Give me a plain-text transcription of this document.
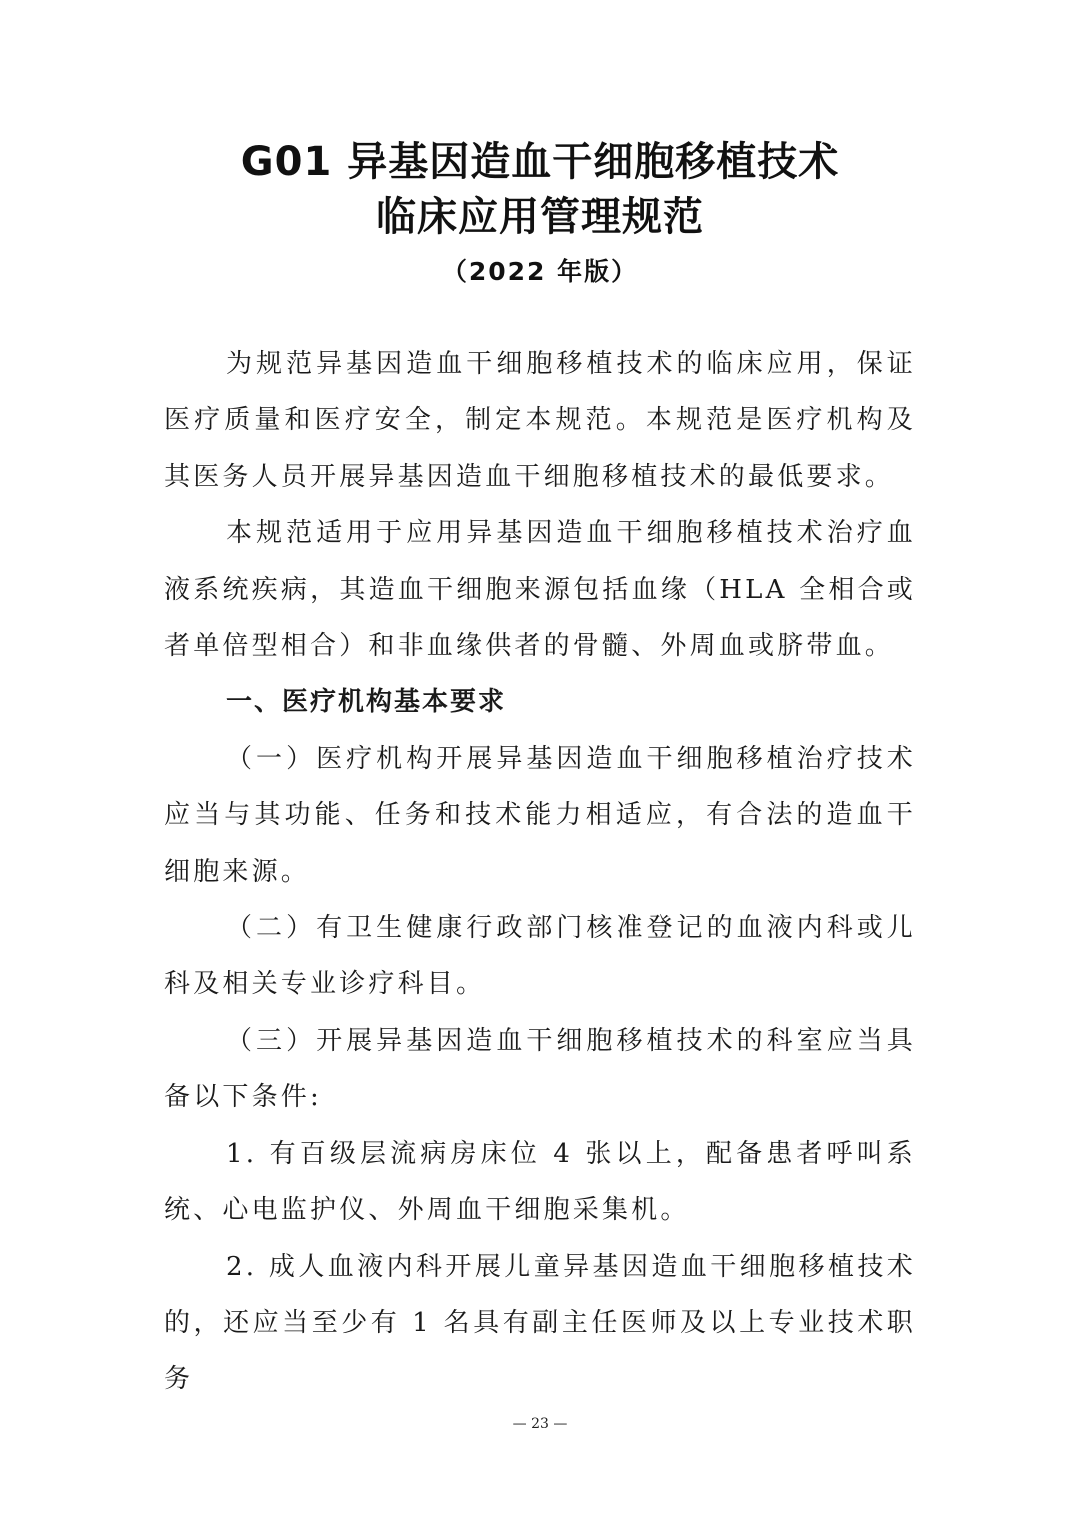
G01 异基因造血干细胞移植技术
临床应用管理规范
（2022 年版）

为规范异基因造血干细胞移植技术的临床应用，保证医疗质量和医疗安全，制定本规范。本规范是医疗机构及其医务人员开展异基因造血干细胞移植技术的最低要求。

本规范适用于应用异基因造血干细胞移植技术治疗血液系统疾病，其造血干细胞来源包括血缘（HLA 全相合或者单倍型相合）和非血缘供者的骨髓、外周血或脐带血。

一、医疗机构基本要求

（一）医疗机构开展异基因造血干细胞移植治疗技术应当与其功能、任务和技术能力相适应，有合法的造血干细胞来源。

（二）有卫生健康行政部门核准登记的血液内科或儿科及相关专业诊疗科目。

（三）开展异基因造血干细胞移植技术的科室应当具备以下条件:

1. 有百级层流病房床位 4 张以上，配备患者呼叫系统、心电监护仪、外周血干细胞采集机。

2. 成人血液内科开展儿童异基因造血干细胞移植技术的，还应当至少有 1 名具有副主任医师及以上专业技术职务

— 23 —
